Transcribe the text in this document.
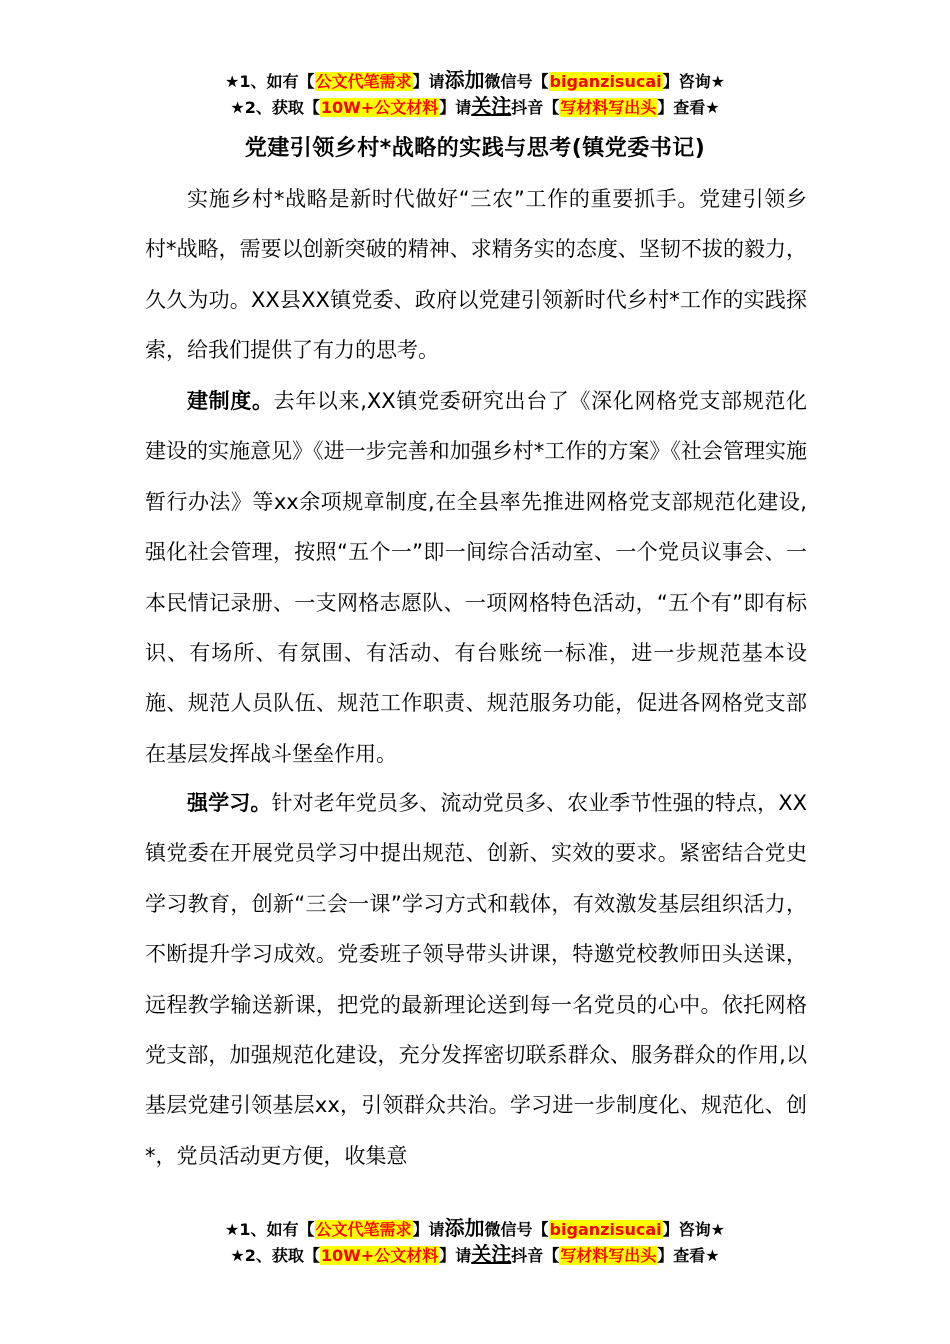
★1、如有【公文代笔需求】请添加微信号【biganzisucai】咨询★
★2、获取【10W+公文材料】请关注抖音【写材料写出头】查看★
党建引领乡村*战略的实践与思考(镇党委书记)

实施乡村*战略是新时代做好“三农”工作的重要抓手。党建引领乡村*战略，需要以创新突破的精神、求精务实的态度、坚韧不拔的毅力，久久为功。XX县XX镇党委、政府以党建引领新时代乡村*工作的实践探索，给我们提供了有力的思考。

建制度。去年以来,XX镇党委研究出台了《深化网格党支部规范化建设的实施意见》《进一步完善和加强乡村*工作的方案》《社会管理实施暂行办法》等xx余项规章制度,在全县率先推进网格党支部规范化建设,强化社会管理，按照“五个一”即一间综合活动室、一个党员议事会、一本民情记录册、一支网格志愿队、一项网格特色活动，“五个有”即有标识、有场所、有氛围、有活动、有台账统一标准，进一步规范基本设施、规范人员队伍、规范工作职责、规范服务功能，促进各网格党支部在基层发挥战斗堡垒作用。

强学习。针对老年党员多、流动党员多、农业季节性强的特点，XX镇党委在开展党员学习中提出规范、创新、实效的要求。紧密结合党史学习教育，创新“三会一课”学习方式和载体，有效激发基层组织活力，不断提升学习成效。党委班子领导带头讲课，特邀党校教师田头送课，远程教学输送新课，把党的最新理论送到每一名党员的心中。依托网格党支部，加强规范化建设，充分发挥密切联系群众、服务群众的作用,以基层党建引领基层xx，引领群众共治。学习进一步制度化、规范化、创*，党员活动更方便，收集意

★1、如有【公文代笔需求】请添加微信号【biganzisucai】咨询★
★2、获取【10W+公文材料】请关注抖音【写材料写出头】查看★
